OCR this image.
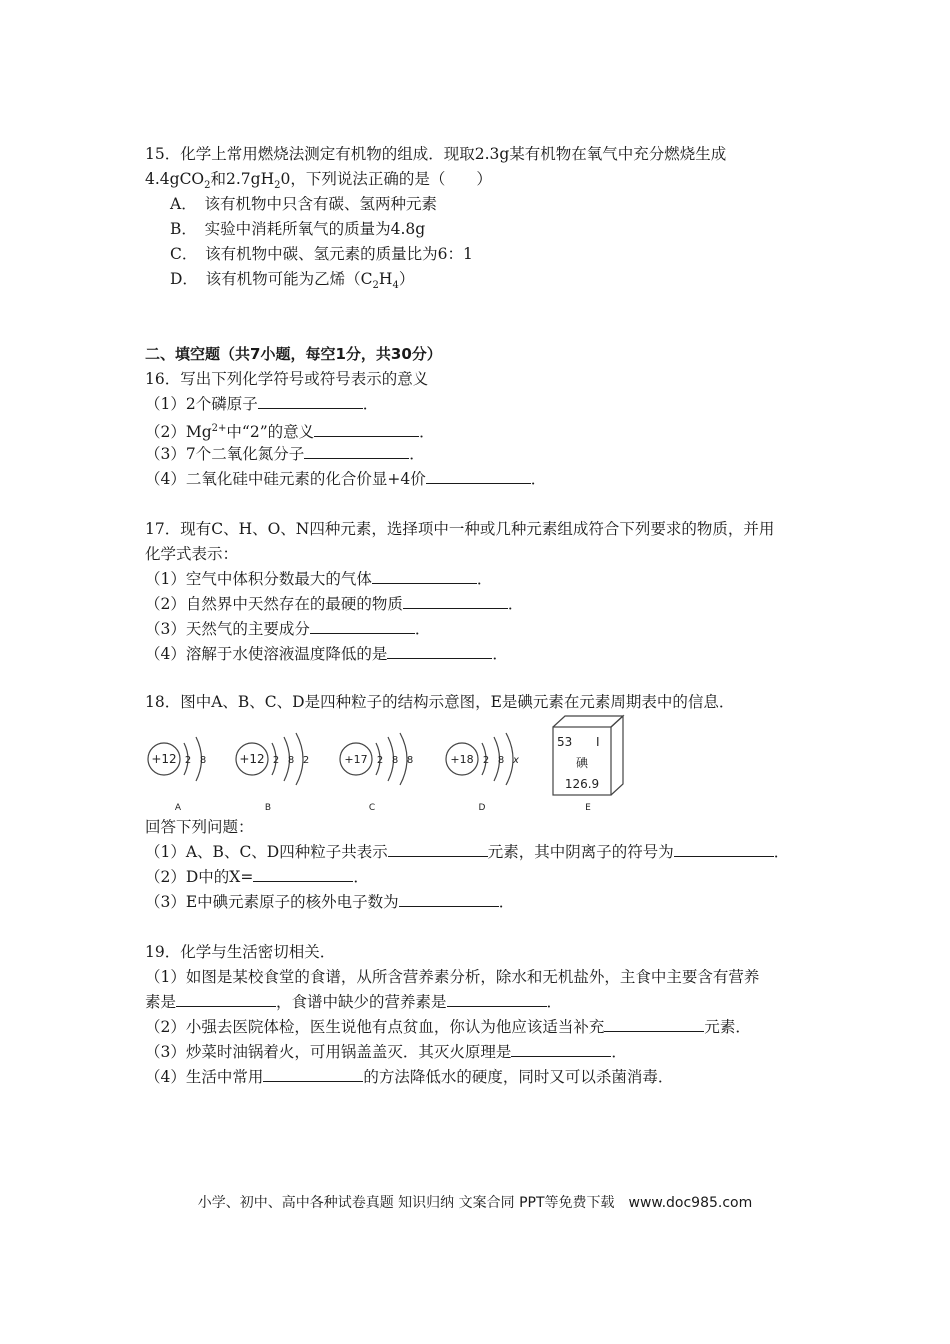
15．化学上常用燃烧法测定有机物的组成．现取2.3g某有机物在氧气中充分燃烧生成
4.4gCO$_2$和$2.7gH_20$，下列说法正确的是（　　）
A．　该有机物中只含有碳、氢两种元素
B．　实验中消耗所氧气的质量为4.8g
C．　该有机物中碳、氢元素的质量比为6：1
D．　该有机物可能为乙烯$(C_2H_4)$
二、填空题（共7小题，每空1分，共30分）
16．写出下列化学符号或符号表示的意义
（1）2个磷原子	．
$(2)Mg^{2+}$中“2”的意义	．
（3）7个二氧化氮分子	．
（4）二氧化硅中硅元素的化合价显+4价	．
17．现有C、H、O、N四种元素，选择项中一种或几种元素组成符合下列要求的物质，并用
化学式表示：
（1）空气中体积分数最大的气体	．
（2）自然界中天然存在的最硬的物质	．
（3）天然气的主要成分	．
（4）溶解于水使溶液温度降低的是	．
18．图中A、B、C、D是四种粒子的结构示意图，E是碘元素在元素周期表中的信息．
+12 2 8
A
+12 2 8 2
B
+17 2 8 8
C
+18 2 8 x
D
53 I
碘
126.9
E
回答下列问题：
（1）A、B、C、D四种粒子共表示	元素，其中阴离子的符号为	．
（2）D中的X=	．
（3）E中碘元素原子的核外电子数为	．
19．化学与生活密切相关．
（1）如图是某校食堂的食谱，从所含营养素分析，除水和无机盐外，主食中主要含有营养
素是	，食谱中缺少的营养素是	．
（2）小强去医院体检，医生说他有点贫血，你认为他应该适当补充	元素．
（3）炒菜时油锅着火，可用锅盖盖灭．其灭火原理是	．
（4）生活中常用	的方法降低水的硬度，同时又可以杀菌消毒．
小学、初中、高中各种试卷真题 知识归纳 文案合同 PPT等免费下载　www.doc985.com
